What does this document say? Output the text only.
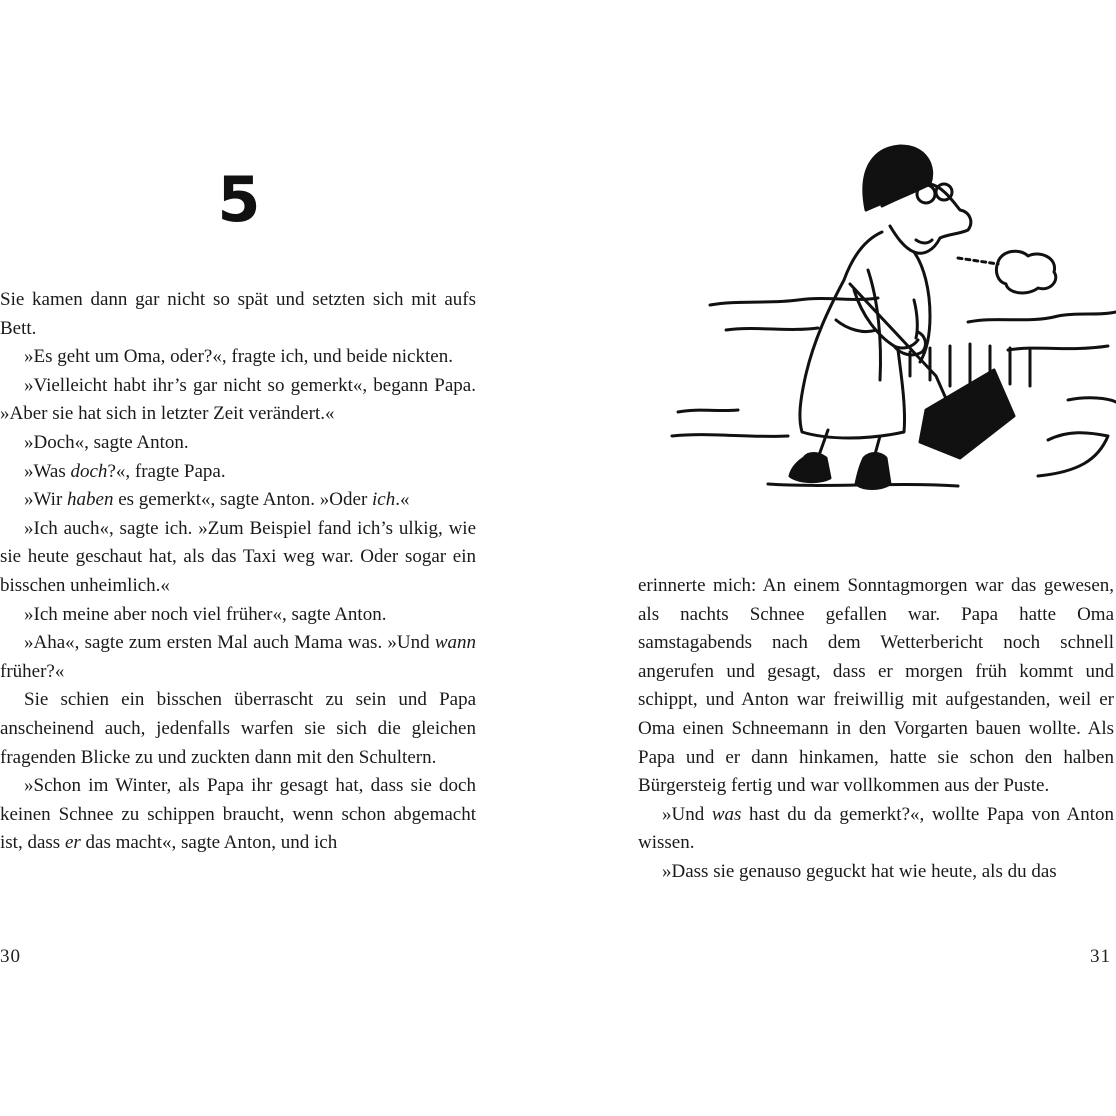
5

Sie kamen dann gar nicht so spät und setzten sich mit aufs Bett.

»Es geht um Oma, oder?«, fragte ich, und beide nickten.

»Vielleicht habt ihr’s gar nicht so gemerkt«, begann Papa. »Aber sie hat sich in letzter Zeit verändert.«

»Doch«, sagte Anton.

»Was doch?«, fragte Papa.

»Wir haben es gemerkt«, sagte Anton. »Oder ich.«

»Ich auch«, sagte ich. »Zum Beispiel fand ich’s ulkig, wie sie heute geschaut hat, als das Taxi weg war. Oder sogar ein bisschen unheimlich.«

»Ich meine aber noch viel früher«, sagte Anton.

»Aha«, sagte zum ersten Mal auch Mama was. »Und wann früher?«

Sie schien ein bisschen überrascht zu sein und Papa anscheinend auch, jedenfalls warfen sie sich die gleichen fragenden Blicke zu und zuckten dann mit den Schultern.

»Schon im Winter, als Papa ihr gesagt hat, dass sie doch keinen Schnee zu schippen braucht, wenn schon abgemacht ist, dass er das macht«, sagte Anton, und ich

30

erinnerte mich: An einem Sonntagmorgen war das gewesen, als nachts Schnee gefallen war. Papa hatte Oma samstagabends nach dem Wetterbericht noch schnell angerufen und gesagt, dass er morgen früh kommt und schippt, und Anton war freiwillig mit aufgestanden, weil er Oma einen Schneemann in den Vorgarten bauen wollte. Als Papa und er dann hinkamen, hatte sie schon den halben Bürgersteig fertig und war vollkommen aus der Puste.

»Und was hast du da gemerkt?«, wollte Papa von Anton wissen.

»Dass sie genauso geguckt hat wie heute, als du das

31
